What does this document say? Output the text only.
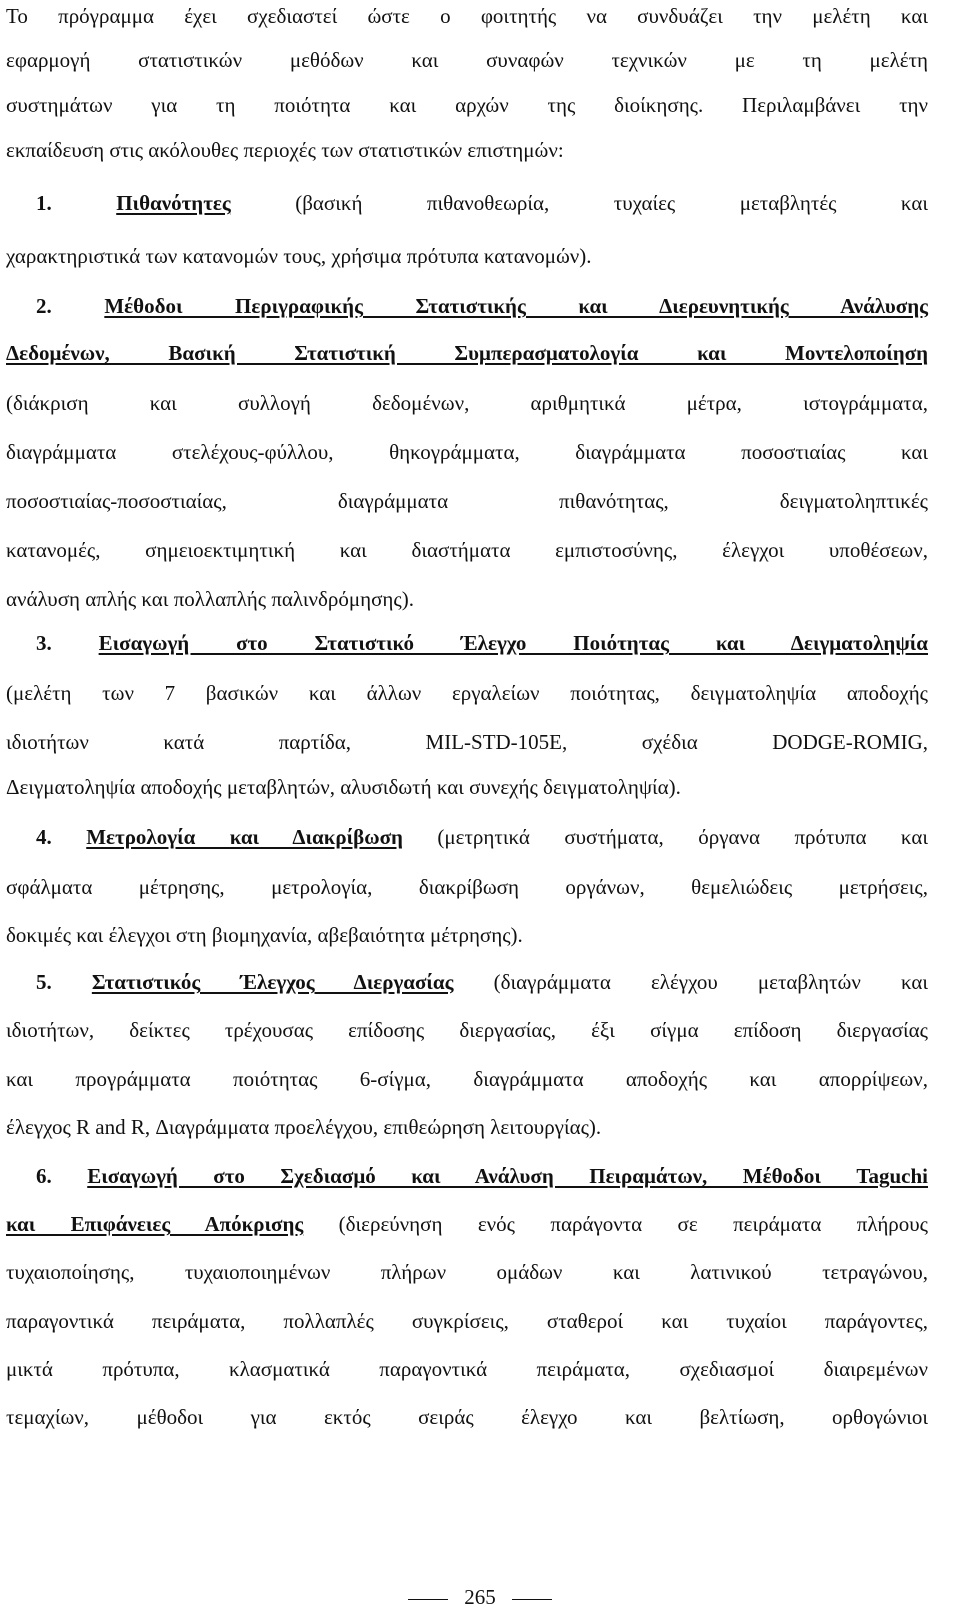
Το πρόγραμμα έχει σχεδιαστεί ώστε ο φοιτητής να συνδυάζει την μελέτη και
εφαρμογή στατιστικών μεθόδων και συναφών τεχνικών με τη μελέτη
συστημάτων για τη ποιότητα και αρχών της διοίκησης. Περιλαμβάνει την
εκπαίδευση στις ακόλουθες περιοχές των στατιστικών επιστημών:
1.	Πιθανότητες	(βασική πιθανοθεωρία, τυχαίες μεταβλητές και
χαρακτηριστικά των κατανομών τους, χρήσιμα πρότυπα κατανομών).
2.	Μέθοδοι Περιγραφικής Στατιστικής και Διερευνητικής Ανάλυσης
Δεδομένων, Βασική Στατιστική Συμπερασματολογία και Μοντελοποίηση
(διάκριση και συλλογή δεδομένων, αριθμητικά μέτρα, ιστογράμματα,
διαγράμματα στελέχους-φύλλου, θηκογράμματα, διαγράμματα ποσοστιαίας και
ποσοστιαίας-ποσοστιαίας, διαγράμματα πιθανότητας, δειγματοληπτικές
κατανομές, σημειοεκτιμητική και διαστήματα εμπιστοσύνης, έλεγχοι υποθέσεων,
ανάλυση απλής και πολλαπλής παλινδρόμησης).
3. Εισαγωγή στο Στατιστικό Έλεγχο Ποιότητας και Δειγματοληψία
(μελέτη των 7 βασικών και άλλων εργαλείων ποιότητας, δειγματοληψία αποδοχής
ιδιοτήτων κατά παρτίδα, MIL-STD-105E, σχέδια DODGE-ROMIG,
Δειγματοληψία αποδοχής μεταβλητών, αλυσιδωτή και συνεχής δειγματοληψία).
4. Μετρολογία και Διακρίβωση (μετρητικά συστήματα, όργανα πρότυπα και
σφάλματα μέτρησης, μετρολογία, διακρίβωση οργάνων, θεμελιώδεις μετρήσεις,
δοκιμές και έλεγχοι στη βιομηχανία, αβεβαιότητα μέτρησης).
5. Στατιστικός Έλεγχος Διεργασίας (διαγράμματα ελέγχου μεταβλητών και
ιδιοτήτων, δείκτες τρέχουσας επίδοσης διεργασίας, έξι σίγμα επίδοση διεργασίας
και προγράμματα ποιότητας 6-σίγμα, διαγράμματα αποδοχής και απορρίψεων,
έλεγχος R and R, Διαγράμματα προελέγχου, επιθεώρηση λειτουργίας).
6. Εισαγωγή στο Σχεδιασμό και Ανάλυση Πειραμάτων, Μέθοδοι Taguchi
και Επιφάνειες Απόκρισης (διερεύνηση ενός παράγοντα σε πειράματα πλήρους
τυχαιοποίησης, τυχαιοποιημένων πλήρων ομάδων και λατινικού τετραγώνου,
παραγοντικά πειράματα, πολλαπλές συγκρίσεις, σταθεροί και τυχαίοι παράγοντες,
μικτά πρότυπα, κλασματικά παραγοντικά πειράματα, σχεδιασμοί διαιρεμένων
τεμαχίων, μέθοδοι για εκτός σειράς έλεγχο και βελτίωση, ορθογώνιοι
265
